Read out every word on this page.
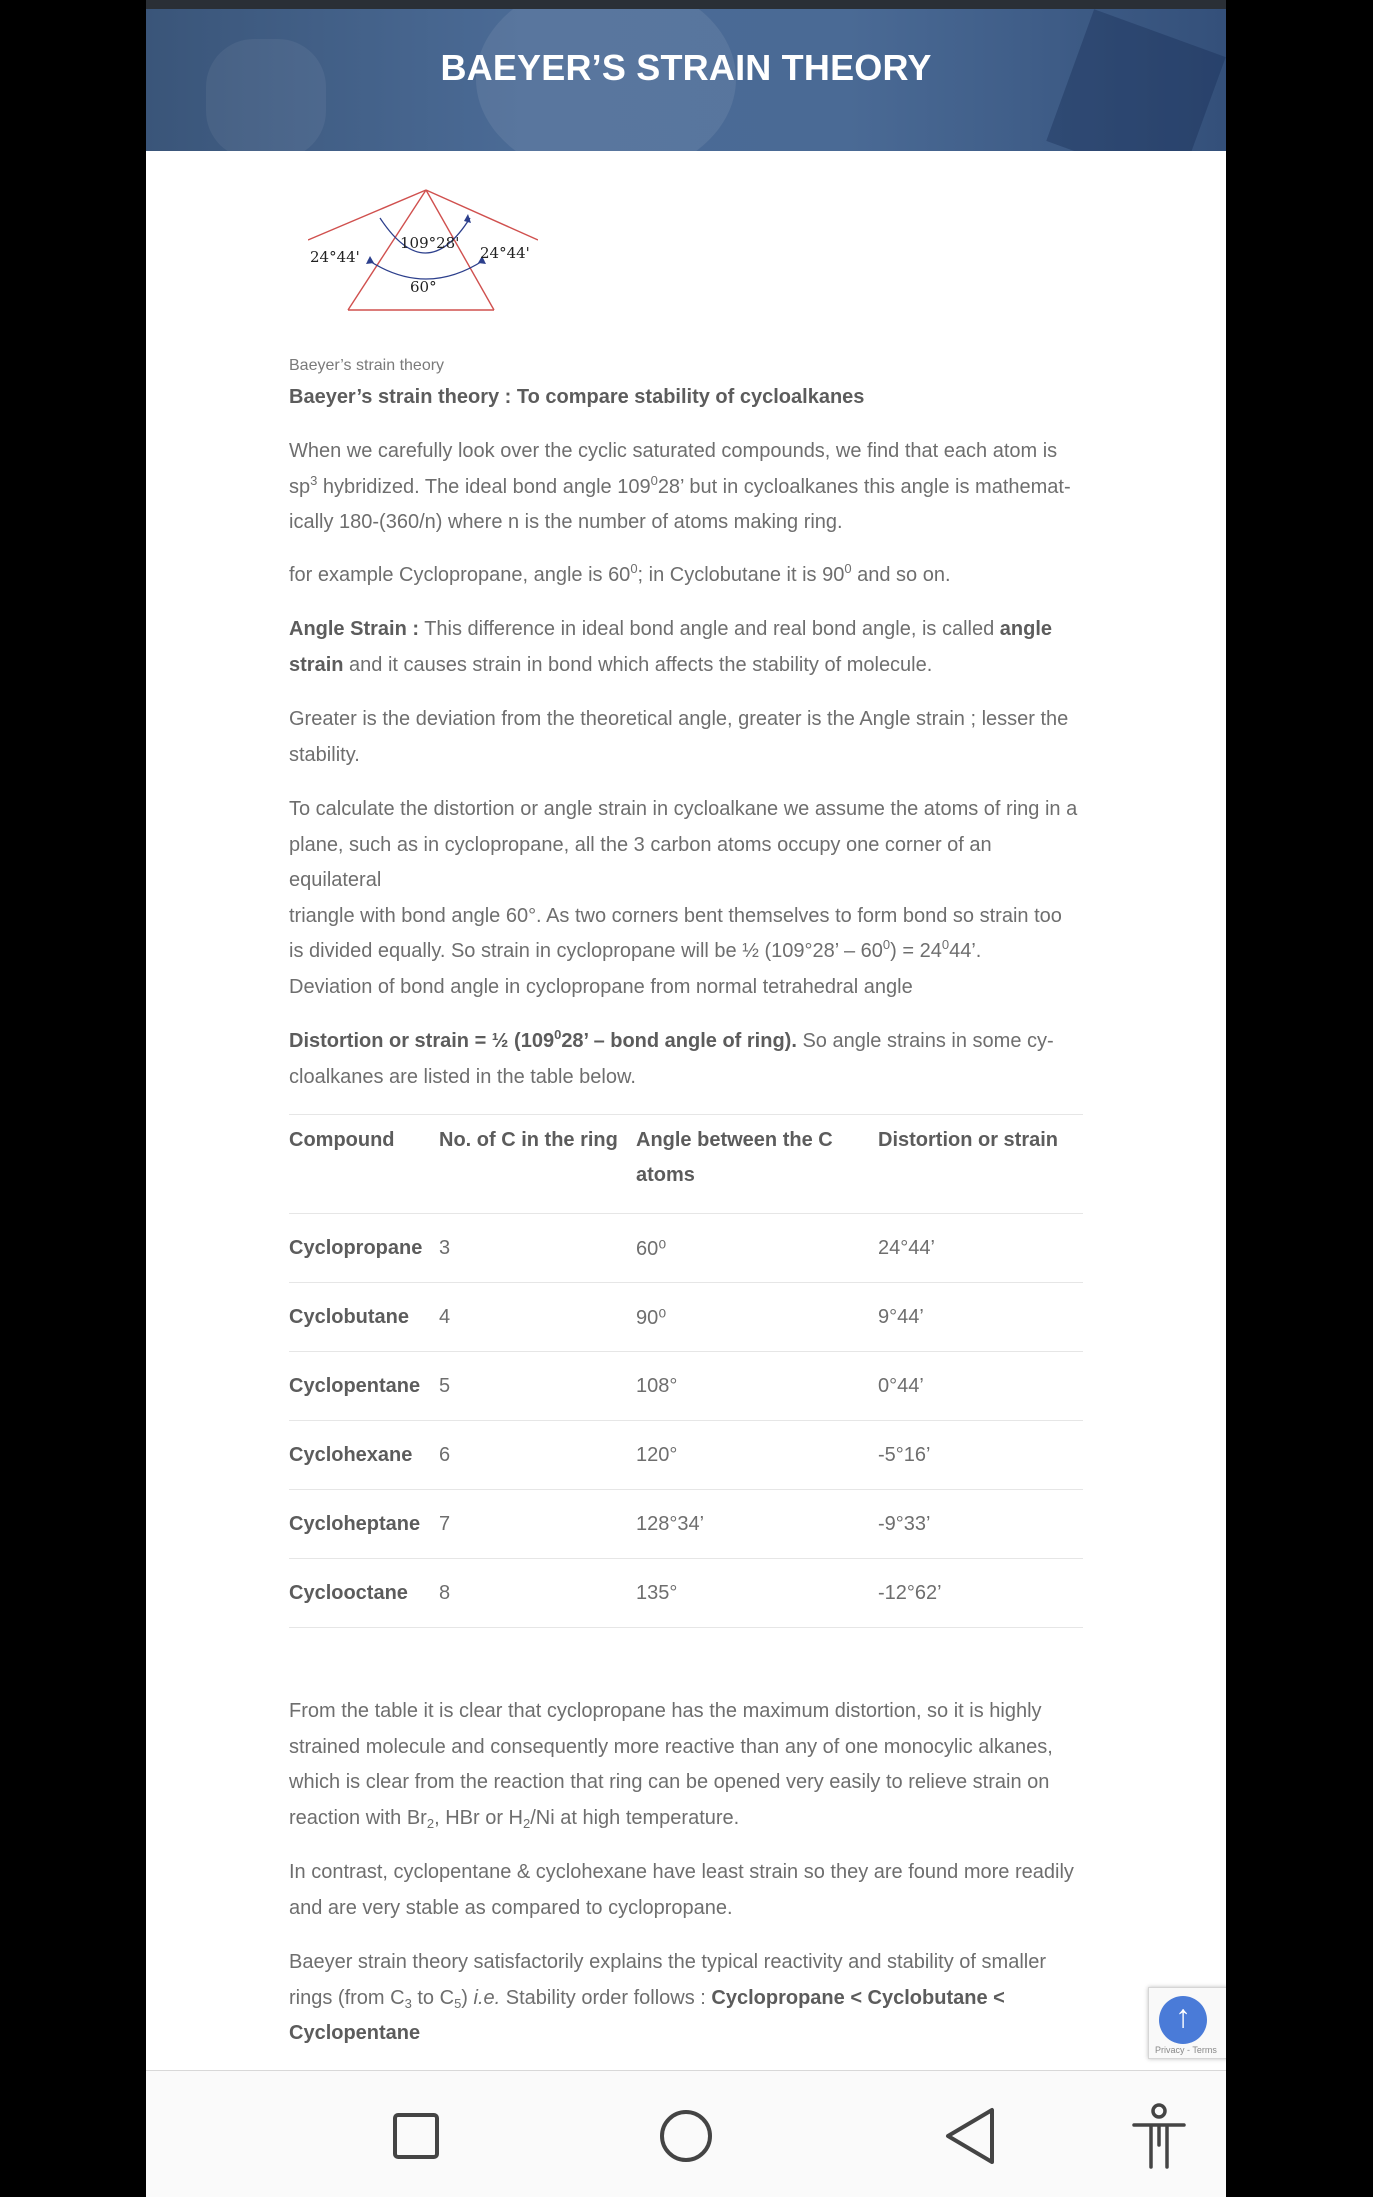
BAEYER’S STRAIN THEORY
109°28'
24°44'	24°44'
60°
Baeyer’s strain theory
Baeyer’s strain theory : To compare stability of cycloalkanes
When we carefully look over the cyclic saturated compounds, we find that each atom is
$sp^3$ hybridized. The ideal bond angle $109^028$’ but in cycloalkanes this angle is mathemat-
ically 180-(360/n) where n is the number of atoms making ring.
for example Cyclopropane, angle is $60^0$; in Cyclobutane it is $90^0$ and so on.
Angle Strain : This difference in ideal bond angle and real bond angle, is called angle
strain and it causes strain in bond which affects the stability of molecule.
Greater is the deviation from the theoretical angle, greater is the Angle strain ; lesser the
stability.
To calculate the distortion or angle strain in cycloalkane we assume the atoms of ring in a
plane, such as in cyclopropane, all the 3 carbon atoms occupy one corner of an equilateral
triangle with bond angle 60°. As two corners bent themselves to form bond so strain too
is divided equally. So strain in cyclopropane will be ½ (109°28’ – $60^0) = 24^044$’.
Deviation of bond angle in cyclopropane from normal tetrahedral angle
Distortion or strain = ½ ($109^028$’ – bond angle of ring). So angle strains in some cy-
cloalkanes are listed in the table below.
Compound	No. of C in the ring	Angle between the C atoms	Distortion or strain
Cyclopropane	3	60⁰	24°44’
Cyclobutane	4	90⁰	9°44’
Cyclopentane	5	108°	0°44’
Cyclohexane	6	120°	-5°16’
Cycloheptane	7	128°34’	-9°33’
Cyclooctane	8	135°	-12°62’
From the table it is clear that cyclopropane has the maximum distortion, so it is highly
strained molecule and consequently more reactive than any of one monocylic alkanes,
which is clear from the reaction that ring can be opened very easily to relieve strain on
reaction with $Br_2$, HBr or $H_2/Ni$ at high temperature.
In contrast, cyclopentane & cyclohexane have least strain so they are found more readily
and are very stable as compared to cyclopropane.
Baeyer strain theory satisfactorily explains the typical reactivity and stability of smaller
rings (from $C_3$ to $C_5$) i.e. Stability order follows : Cyclopropane < Cyclobutane <
Cyclopentane	↑
Privacy - Terms
